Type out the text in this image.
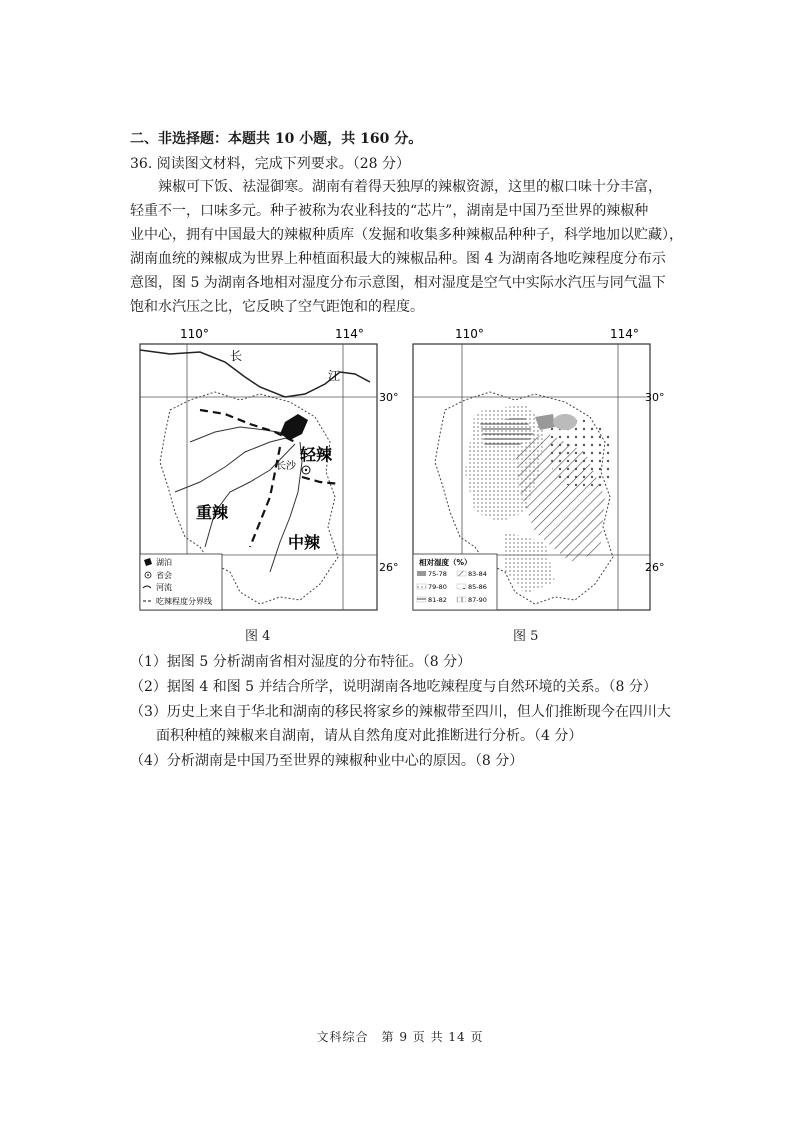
二、非选择题：本题共 10 小题，共 160 分。
36. 阅读图文材料，完成下列要求。（28 分）

辣椒可下饭、祛湿御寒。湖南有着得天独厚的辣椒资源，这里的椒口味十分丰富，

轻重不一，口味多元。种子被称为农业科技的“芯片”，湖南是中国乃至世界的辣椒种

业中心，拥有中国最大的辣椒种质库（发掘和收集多种辣椒品种种子，科学地加以贮藏），

湖南血统的辣椒成为世界上种植面积最大的辣椒品种。图 4 为湖南各地吃辣程度分布示

意图，图 5 为湖南各地相对湿度分布示意图，相对湿度是空气中实际水汽压与同气温下

饱和水汽压之比，它反映了空气距饱和的程度。

110°	114°
30°
26°
长
江
长沙
轻辣
重辣
中辣
湖泊
省会
河流
吃辣程度分界线
图 4
110°	114°
30°
26°
相对湿度（%）
75-78	83-84
79-80	85-86
81-82	87-90
图 5
（1）据图 5 分析湖南省相对湿度的分布特征。（8 分）
（2）据图 4 和图 5 并结合所学，说明湖南各地吃辣程度与自然环境的关系。（8 分）
（3）历史上来自于华北和湖南的移民将家乡的辣椒带至四川，但人们推断现今在四川大
面积种植的辣椒来自湖南，请从自然角度对此推断进行分析。（4 分）
（4）分析湖南是中国乃至世界的辣椒种业中心的原因。（8 分）
文科综合　第 9 页 共 14 页
